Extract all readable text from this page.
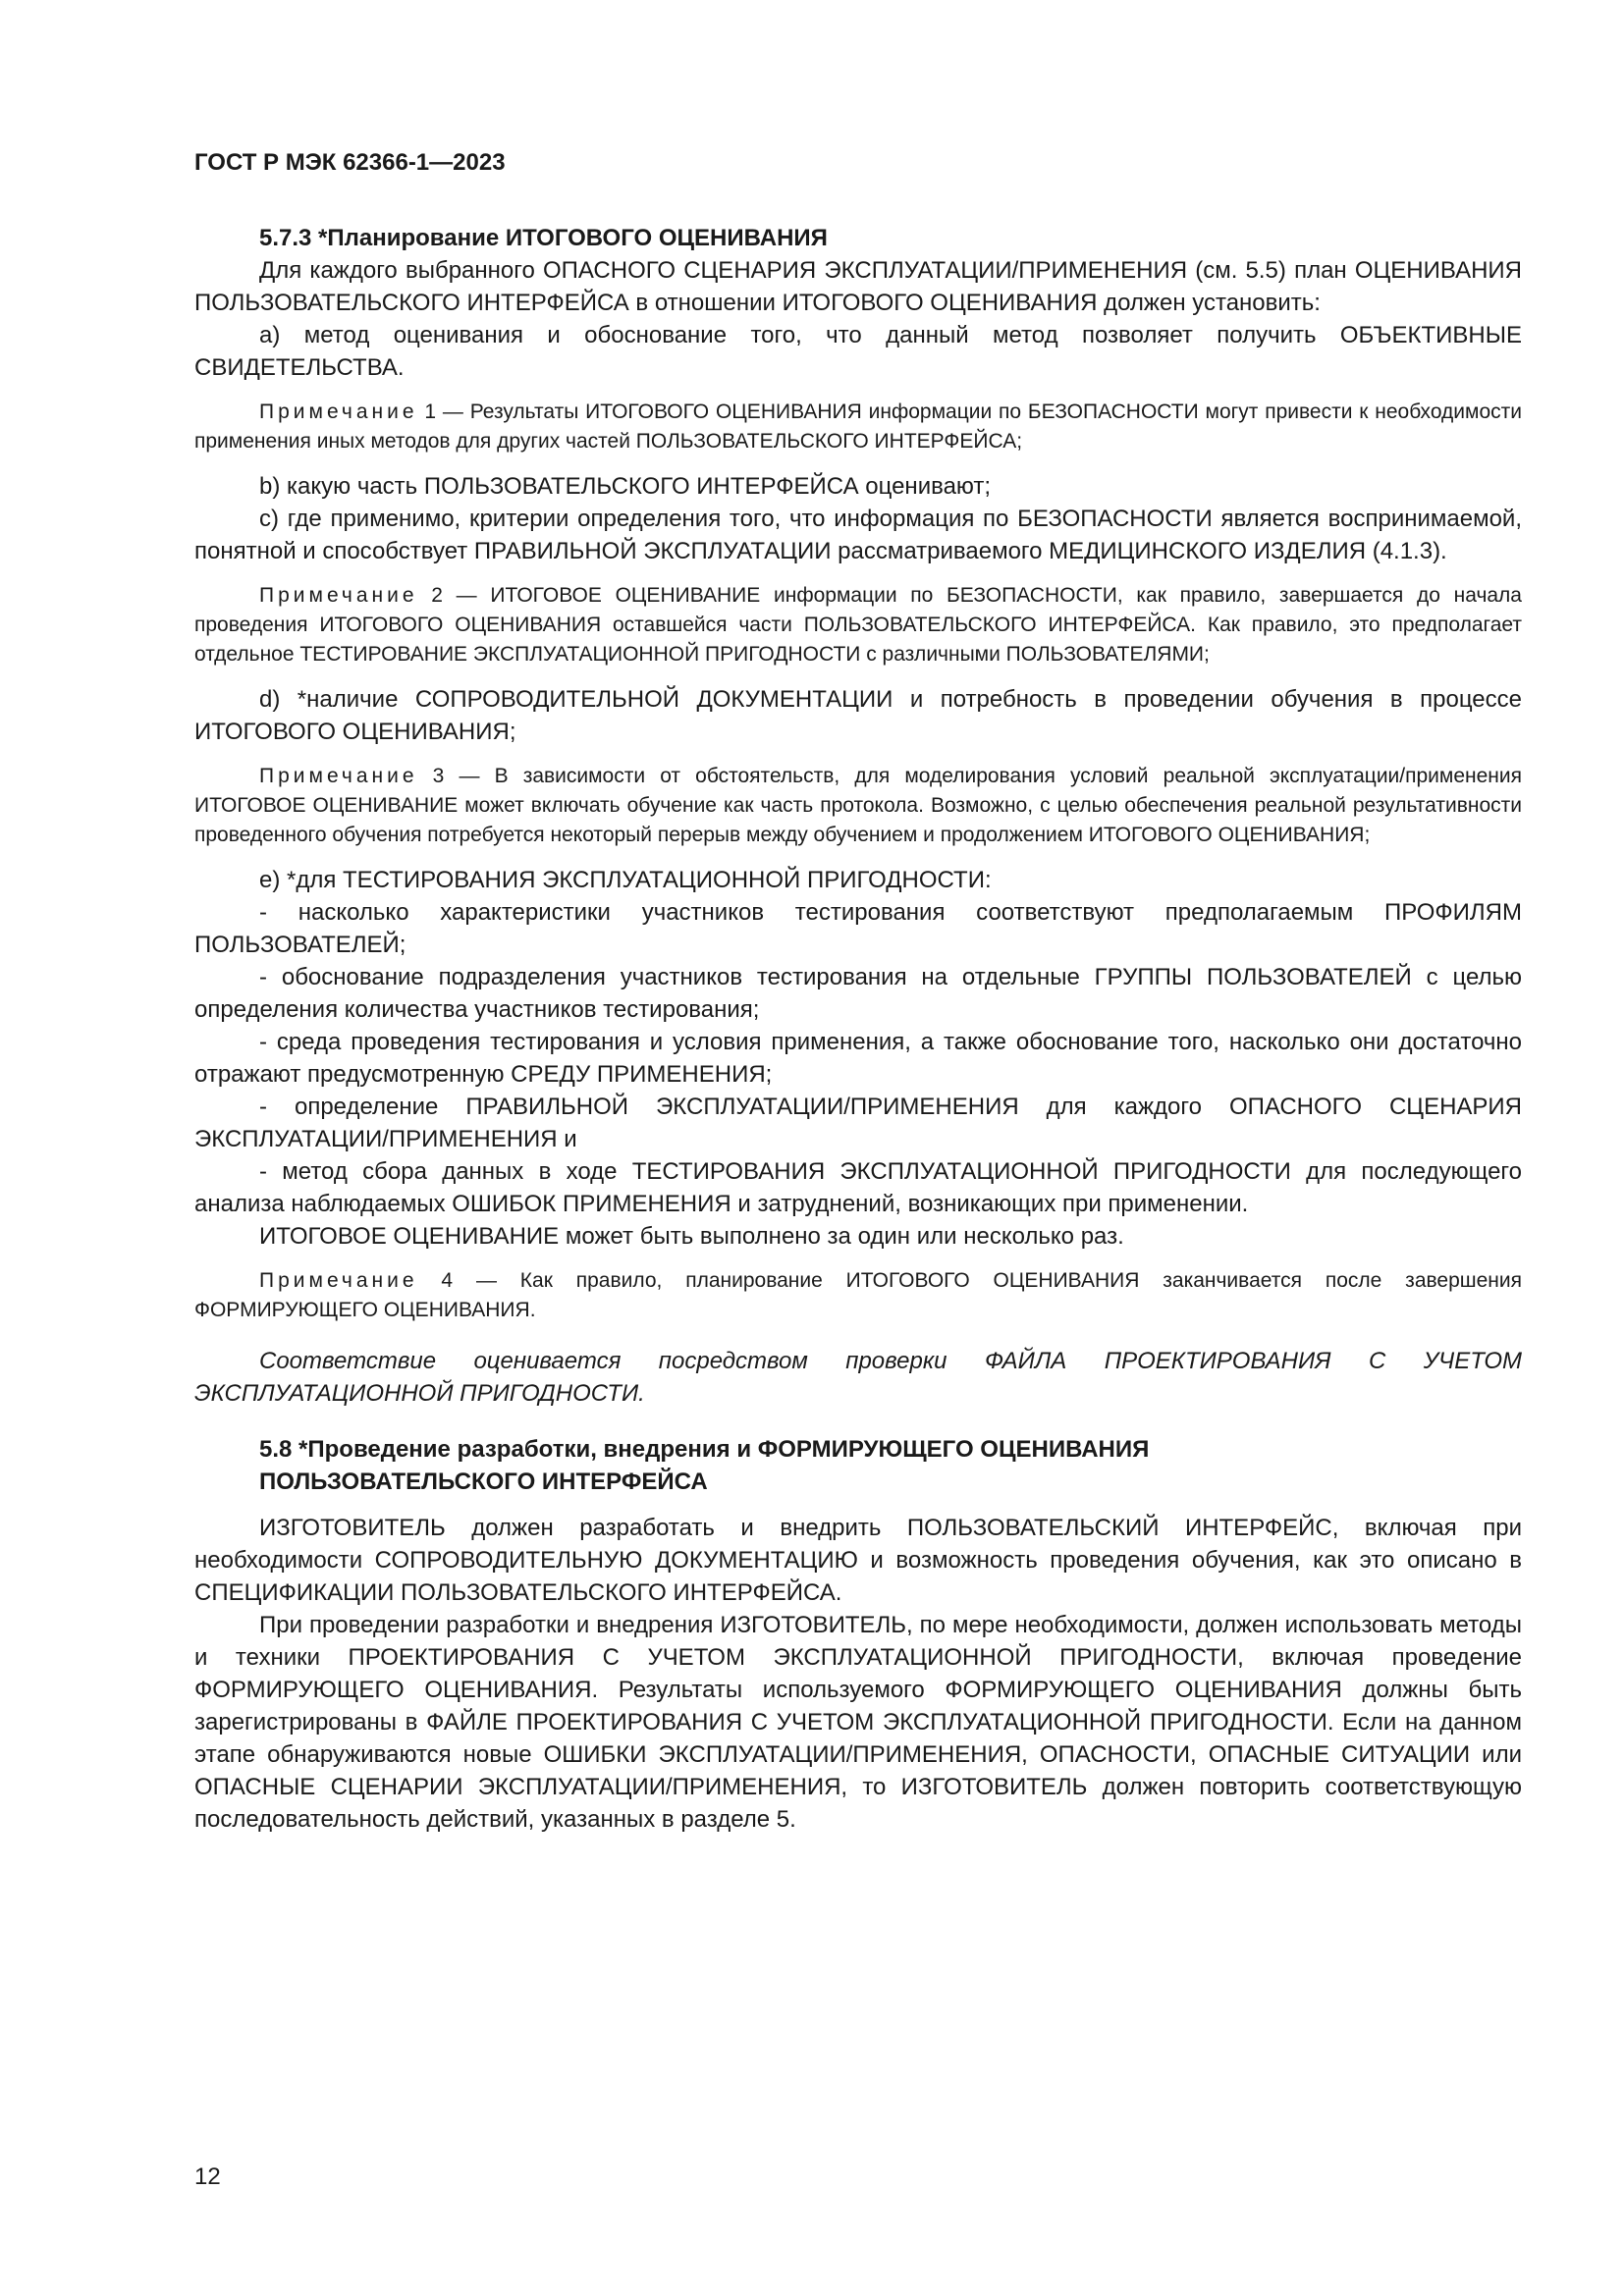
ГОСТ Р МЭК 62366-1—2023
5.7.3 *Планирование ИТОГОВОГО ОЦЕНИВАНИЯ

Для каждого выбранного ОПАСНОГО СЦЕНАРИЯ ЭКСПЛУАТАЦИИ/ПРИМЕНЕНИЯ (см. 5.5) план ОЦЕНИВАНИЯ ПОЛЬЗОВАТЕЛЬСКОГО ИНТЕРФЕЙСА в отношении ИТОГОВОГО ОЦЕНИВАНИЯ должен установить:

a) метод оценивания и обоснование того, что данный метод позволяет получить ОБЪЕКТИВНЫЕ СВИДЕТЕЛЬСТВА.

Примечание 1 — Результаты ИТОГОВОГО ОЦЕНИВАНИЯ информации по БЕЗОПАСНОСТИ могут привести к необходимости применения иных методов для других частей ПОЛЬЗОВАТЕЛЬСКОГО ИНТЕРФЕЙСА;

b) какую часть ПОЛЬЗОВАТЕЛЬСКОГО ИНТЕРФЕЙСА оценивают;

c) где применимо, критерии определения того, что информация по БЕЗОПАСНОСТИ является воспринимаемой, понятной и способствует ПРАВИЛЬНОЙ ЭКСПЛУАТАЦИИ рассматриваемого МЕДИЦИНСКОГО ИЗДЕЛИЯ (4.1.3).

Примечание 2 — ИТОГОВОЕ ОЦЕНИВАНИЕ информации по БЕЗОПАСНОСТИ, как правило, завершается до начала проведения ИТОГОВОГО ОЦЕНИВАНИЯ оставшейся части ПОЛЬЗОВАТЕЛЬСКОГО ИНТЕРФЕЙСА. Как правило, это предполагает отдельное ТЕСТИРОВАНИЕ ЭКСПЛУАТАЦИОННОЙ ПРИГОДНОСТИ с различными ПОЛЬЗОВАТЕЛЯМИ;

d) *наличие СОПРОВОДИТЕЛЬНОЙ ДОКУМЕНТАЦИИ и потребность в проведении обучения в процессе ИТОГОВОГО ОЦЕНИВАНИЯ;

Примечание 3 — В зависимости от обстоятельств, для моделирования условий реальной эксплуатации/применения ИТОГОВОЕ ОЦЕНИВАНИЕ может включать обучение как часть протокола. Возможно, с целью обеспечения реальной результативности проведенного обучения потребуется некоторый перерыв между обучением и продолжением ИТОГОВОГО ОЦЕНИВАНИЯ;

e) *для ТЕСТИРОВАНИЯ ЭКСПЛУАТАЦИОННОЙ ПРИГОДНОСТИ:

- насколько характеристики участников тестирования соответствуют предполагаемым ПРОФИЛЯМ ПОЛЬЗОВАТЕЛЕЙ;

- обоснование подразделения участников тестирования на отдельные ГРУППЫ ПОЛЬЗОВАТЕЛЕЙ с целью определения количества участников тестирования;

- среда проведения тестирования и условия применения, а также обоснование того, насколько они достаточно отражают предусмотренную СРЕДУ ПРИМЕНЕНИЯ;

- определение ПРАВИЛЬНОЙ ЭКСПЛУАТАЦИИ/ПРИМЕНЕНИЯ для каждого ОПАСНОГО СЦЕНАРИЯ ЭКСПЛУАТАЦИИ/ПРИМЕНЕНИЯ и

- метод сбора данных в ходе ТЕСТИРОВАНИЯ ЭКСПЛУАТАЦИОННОЙ ПРИГОДНОСТИ для последующего анализа наблюдаемых ОШИБОК ПРИМЕНЕНИЯ и затруднений, возникающих при применении.

ИТОГОВОЕ ОЦЕНИВАНИЕ может быть выполнено за один или несколько раз.

Примечание 4 — Как правило, планирование ИТОГОВОГО ОЦЕНИВАНИЯ заканчивается после завершения ФОРМИРУЮЩЕГО ОЦЕНИВАНИЯ.
Соответствие оценивается посредством проверки ФАЙЛА ПРОЕКТИРОВАНИЯ С УЧЕТОМ ЭКСПЛУАТАЦИОННОЙ ПРИГОДНОСТИ.
5.8 *Проведение разработки, внедрения и ФОРМИРУЮЩЕГО ОЦЕНИВАНИЯ
ПОЛЬЗОВАТЕЛЬСКОГО ИНТЕРФЕЙСА

ИЗГОТОВИТЕЛЬ должен разработать и внедрить ПОЛЬЗОВАТЕЛЬСКИЙ ИНТЕРФЕЙС, включая при необходимости СОПРОВОДИТЕЛЬНУЮ ДОКУМЕНТАЦИЮ и возможность проведения обучения, как это описано в СПЕЦИФИКАЦИИ ПОЛЬЗОВАТЕЛЬСКОГО ИНТЕРФЕЙСА.

При проведении разработки и внедрения ИЗГОТОВИТЕЛЬ, по мере необходимости, должен использовать методы и техники ПРОЕКТИРОВАНИЯ С УЧЕТОМ ЭКСПЛУАТАЦИОННОЙ ПРИГОДНОСТИ, включая проведение ФОРМИРУЮЩЕГО ОЦЕНИВАНИЯ. Результаты используемого ФОРМИРУЮЩЕГО ОЦЕНИВАНИЯ должны быть зарегистрированы в ФАЙЛЕ ПРОЕКТИРОВАНИЯ С УЧЕТОМ ЭКСПЛУАТАЦИОННОЙ ПРИГОДНОСТИ. Если на данном этапе обнаруживаются новые ОШИБКИ ЭКСПЛУАТАЦИИ/ПРИМЕНЕНИЯ, ОПАСНОСТИ, ОПАСНЫЕ СИТУАЦИИ или ОПАСНЫЕ СЦЕНАРИИ ЭКСПЛУАТАЦИИ/ПРИМЕНЕНИЯ, то ИЗГОТОВИТЕЛЬ должен повторить соответствующую последовательность действий, указанных в разделе 5.

12
